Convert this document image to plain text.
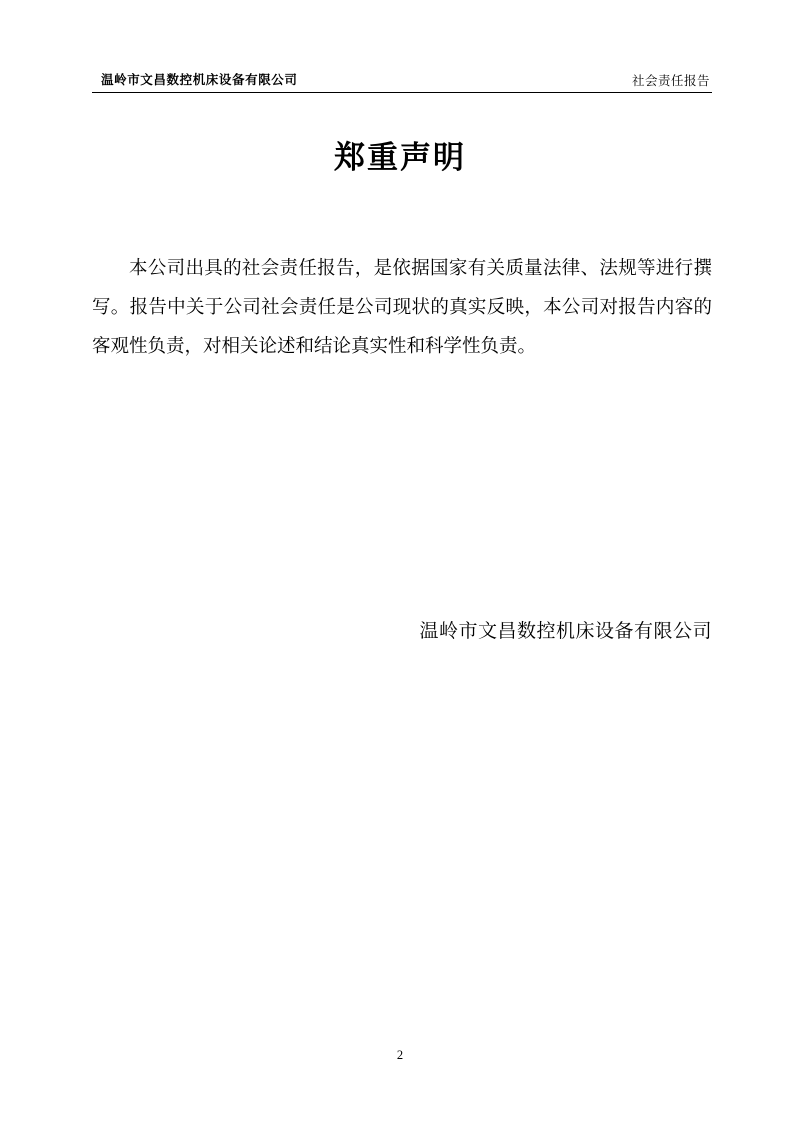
温岭市文昌数控机床设备有限公司	社会责任报告
郑重声明

本公司出具的社会责任报告，是依据国家有关质量法律、法规等进行撰写。报告中关于公司社会责任是公司现状的真实反映，本公司对报告内容的客观性负责，对相关论述和结论真实性和科学性负责。

温岭市文昌数控机床设备有限公司
2
